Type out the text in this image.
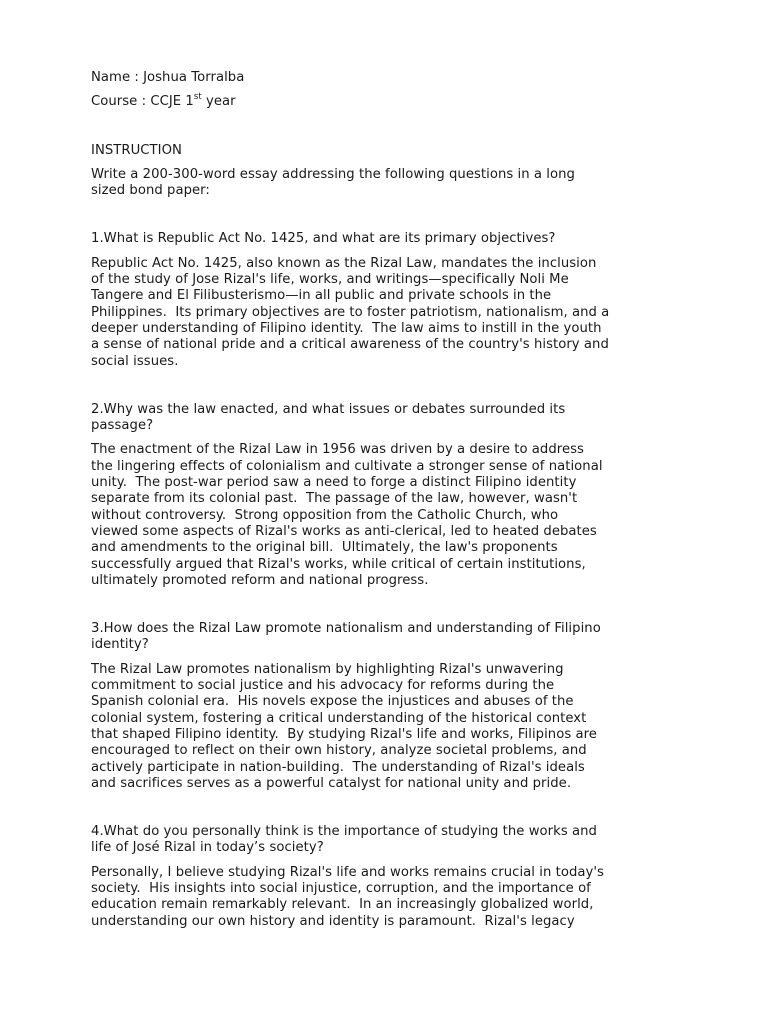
Name : Joshua Torralba
Course : CCJE 1st year
INSTRUCTION
Write a 200-300-word essay addressing the following questions in a long
sized bond paper:
1.What is Republic Act No. 1425, and what are its primary objectives?
Republic Act No. 1425, also known as the Rizal Law, mandates the inclusion
of the study of Jose Rizal's life, works, and writings—specifically Noli Me
Tangere and El Filibusterismo—in all public and private schools in the
Philippines.  Its primary objectives are to foster patriotism, nationalism, and a
deeper understanding of Filipino identity.  The law aims to instill in the youth
a sense of national pride and a critical awareness of the country's history and
social issues.
2.Why was the law enacted, and what issues or debates surrounded its
passage?
The enactment of the Rizal Law in 1956 was driven by a desire to address
the lingering effects of colonialism and cultivate a stronger sense of national
unity.  The post-war period saw a need to forge a distinct Filipino identity
separate from its colonial past.  The passage of the law, however, wasn't
without controversy.  Strong opposition from the Catholic Church, who
viewed some aspects of Rizal's works as anti-clerical, led to heated debates
and amendments to the original bill.  Ultimately, the law's proponents
successfully argued that Rizal's works, while critical of certain institutions,
ultimately promoted reform and national progress.
3.How does the Rizal Law promote nationalism and understanding of Filipino
identity?
The Rizal Law promotes nationalism by highlighting Rizal's unwavering
commitment to social justice and his advocacy for reforms during the
Spanish colonial era.  His novels expose the injustices and abuses of the
colonial system, fostering a critical understanding of the historical context
that shaped Filipino identity.  By studying Rizal's life and works, Filipinos are
encouraged to reflect on their own history, analyze societal problems, and
actively participate in nation-building.  The understanding of Rizal's ideals
and sacrifices serves as a powerful catalyst for national unity and pride.
4.What do you personally think is the importance of studying the works and
life of José Rizal in today’s society?
Personally, I believe studying Rizal's life and works remains crucial in today's
society.  His insights into social injustice, corruption, and the importance of
education remain remarkably relevant.  In an increasingly globalized world,
understanding our own history and identity is paramount.  Rizal's legacy
